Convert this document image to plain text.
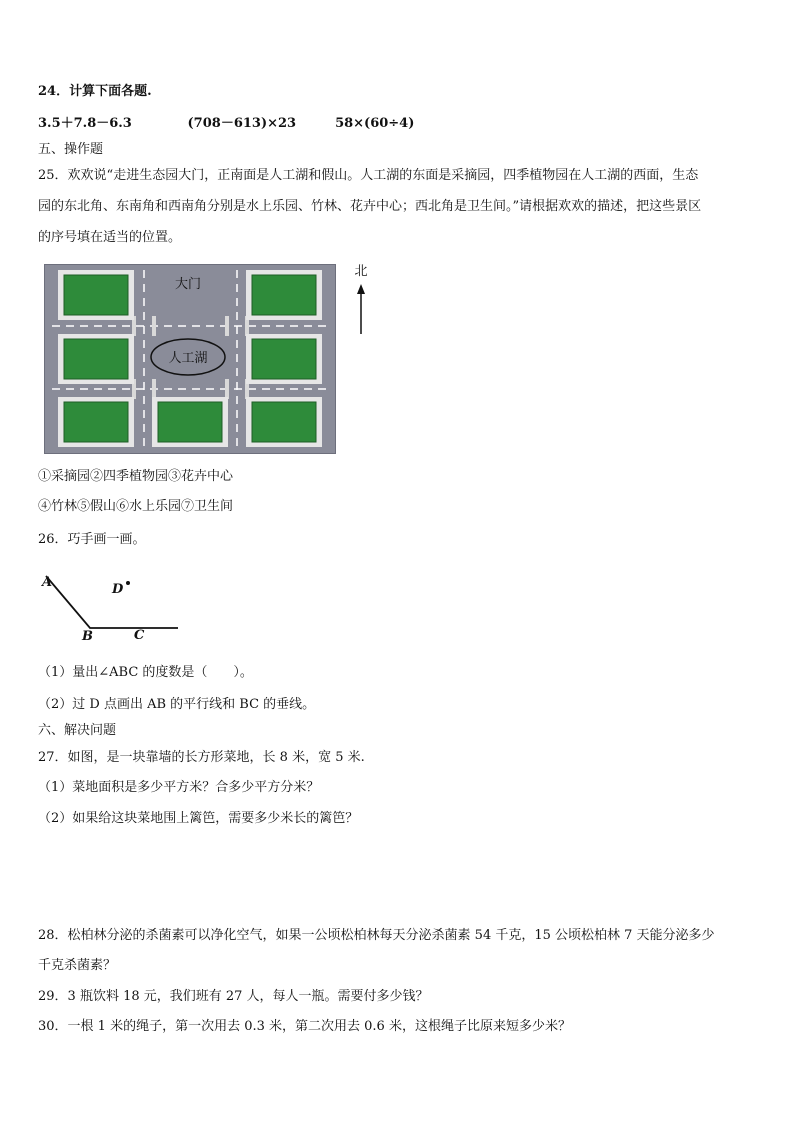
24．计算下面各题.
3.5＋7.8－6.3	(708－613)×23	58×(60÷4)
五、操作题
25．欢欢说“走进生态园大门，正南面是人工湖和假山。人工湖的东面是采摘园，四季植物园在人工湖的西面，生态
园的东北角、东南角和西南角分别是水上乐园、竹林、花卉中心；西北角是卫生间。”请根据欢欢的描述，把这些景区
的序号填在适当的位置。
人工湖
大门
北
①采摘园②四季植物园③花卉中心
④竹林⑤假山⑥水上乐园⑦卫生间
26．巧手画一画。
A
B	C
D
（1）量出∠ABC 的度数是（　　）。
（2）过 D 点画出 AB 的平行线和 BC 的垂线。
六、解决问题
27．如图，是一块靠墙的长方形菜地，长 8 米，宽 5 米.
（1）菜地面积是多少平方米？合多少平方分米？
（2）如果给这块菜地围上篱笆，需要多少米长的篱笆？
28．松柏林分泌的杀菌素可以净化空气，如果一公顷松柏林每天分泌杀菌素 54 千克，15 公顷松柏林 7 天能分泌多少
千克杀菌素？
29．3 瓶饮料 18 元，我们班有 27 人，每人一瓶。需要付多少钱？
30．一根 1 米的绳子，第一次用去 0.3 米，第二次用去 0.6 米，这根绳子比原来短多少米？
